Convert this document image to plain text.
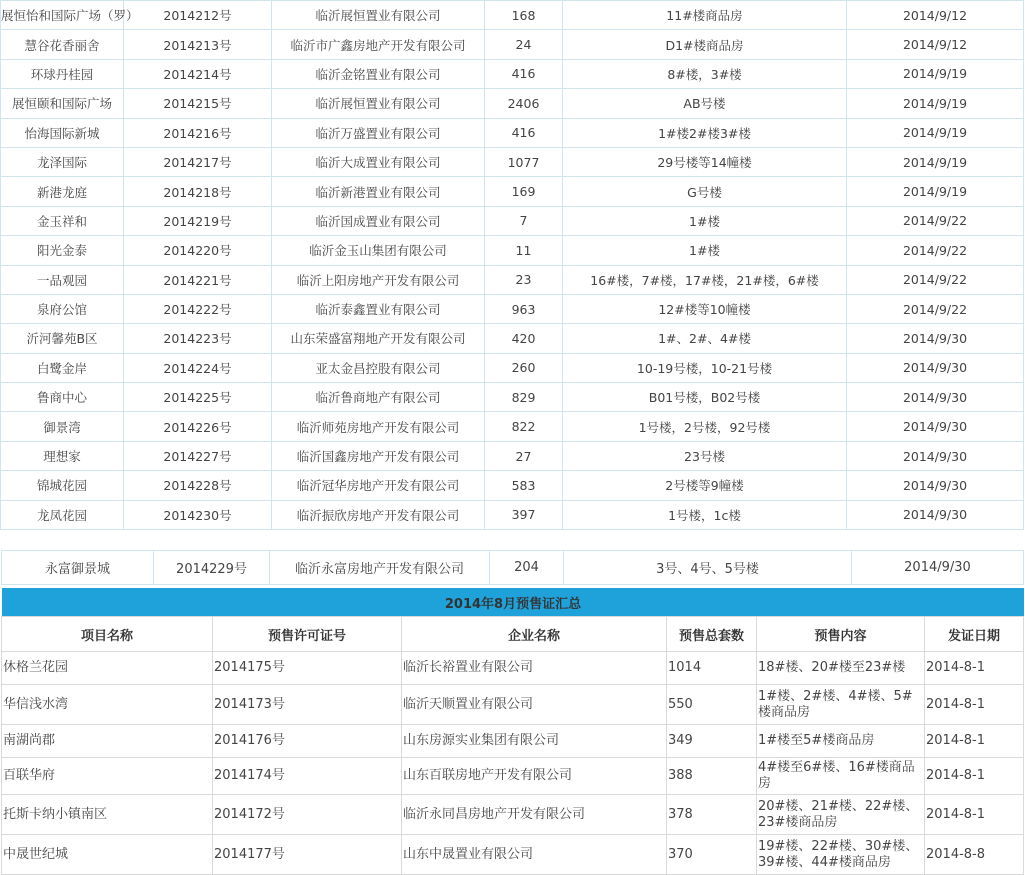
展恒怡和国际广场（罗）	2014212号	临沂展恒置业有限公司	168	11#楼商品房	2014/9/12
慧谷花香丽舍	2014213号	临沂市广鑫房地产开发有限公司	24	D1#楼商品房	2014/9/12
环球丹桂园	2014214号	临沂金铭置业有限公司	416	8#楼，3#楼	2014/9/19
展恒颐和国际广场	2014215号	临沂展恒置业有限公司	2406	AB号楼	2014/9/19
怡海国际新城	2014216号	临沂万盛置业有限公司	416	1#楼2#楼3#楼	2014/9/19
龙泽国际	2014217号	临沂大成置业有限公司	1077	29号楼等14幢楼	2014/9/19
新港龙庭	2014218号	临沂新港置业有限公司	169	G号楼	2014/9/19
金玉祥和	2014219号	临沂国成置业有限公司	7	1#楼	2014/9/22
阳光金泰	2014220号	临沂金玉山集团有限公司	11	1#楼	2014/9/22
一品观园	2014221号	临沂上阳房地产开发有限公司	23	16#楼，7#楼，17#楼，21#楼，6#楼	2014/9/22
泉府公馆	2014222号	临沂泰鑫置业有限公司	963	12#楼等10幢楼	2014/9/22
沂河馨苑B区	2014223号	山东荣盛富翔地产开发有限公司	420	1#、2#、4#楼	2014/9/30
白鹭金岸	2014224号	亚太金昌控股有限公司	260	10-19号楼，10-21号楼	2014/9/30
鲁商中心	2014225号	临沂鲁商地产有限公司	829	B01号楼，B02号楼	2014/9/30
御景湾	2014226号	临沂师苑房地产开发有限公司	822	1号楼，2号楼，92号楼	2014/9/30
理想家	2014227号	临沂国鑫房地产开发有限公司	27	23号楼	2014/9/30
锦城花园	2014228号	临沂冠华房地产开发有限公司	583	2号楼等9幢楼	2014/9/30
龙凤花园	2014230号	临沂振欣房地产开发有限公司	397	1号楼，1c楼	2014/9/30
永富御景城	2014229号	临沂永富房地产开发有限公司	204	3号、4号、5号楼	2014/9/30
2014年8月预售证汇总
项目名称	预售许可证号	企业名称	预售总套数	预售内容	发证日期
休格兰花园	2014175号	临沂长裕置业有限公司	1014	18#楼、20#楼至23#楼	2014-8-1
华信浅水湾	2014173号	临沂天顺置业有限公司	550	1#楼、2#楼、4#楼、5#楼商品房	2014-8-1
南湖尚郡	2014176号	山东房源实业集团有限公司	349	1#楼至5#楼商品房	2014-8-1
百联华府	2014174号	山东百联房地产开发有限公司	388	4#楼至6#楼、16#楼商品房	2014-8-1
托斯卡纳小镇南区	2014172号	临沂永同昌房地产开发有限公司	378	20#楼、21#楼、22#楼、23#楼商品房	2014-8-1
中晟世纪城	2014177号	山东中晟置业有限公司	370	19#楼、22#楼、30#楼、39#楼、44#楼商品房	2014-8-8
